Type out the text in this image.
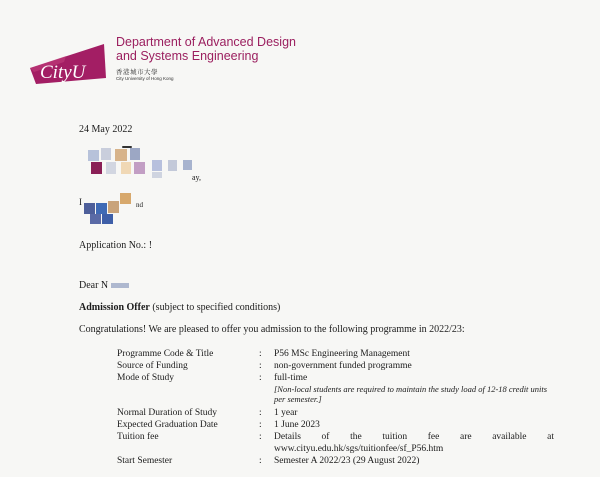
CityU
Department of Advanced Design
and Systems Engineering
香港城市大學
City University of Hong Kong
24 May 2022
ay,
I	nd
Application No.: !
Dear N
Admission Offer (subject to specified conditions)
Congratulations! We are pleased to offer you admission to the following programme in 2022/23:
Programme Code & Title	: P56 MSc Engineering Management
Source of Funding	: non-government funded programme
Mode of Study	: full-time
[Non-local students are required to maintain the study load of 12-18 credit units per semester.]
Normal Duration of Study	: 1 year
Expected Graduation Date	: 1 June 2023
Tuition fee	: Details of the tuition fee are available at
www.cityu.edu.hk/sgs/tuitionfee/sf_P56.htm
Start Semester	: Semester A 2022/23 (29 August 2022)
